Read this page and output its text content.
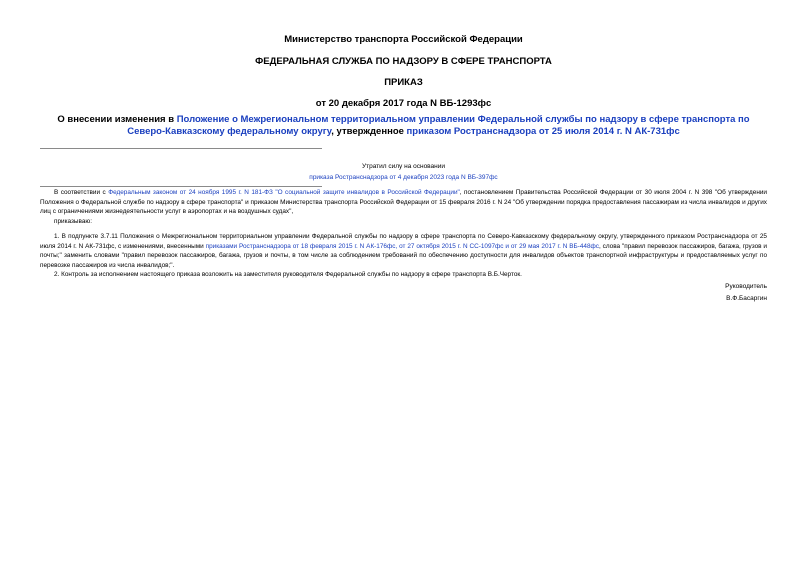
Министерство транспорта Российской Федерации
ФЕДЕРАЛЬНАЯ СЛУЖБА ПО НАДЗОРУ В СФЕРЕ ТРАНСПОРТА
ПРИКАЗ
от 20 декабря 2017 года N ВБ-1293фс
О внесении изменения в Положение о Межрегиональном территориальном управлении Федеральной службы по надзору в сфере транспорта по Северо-Кавказскому федеральному округу, утвержденное приказом Ространснадзора от 25 июля 2014 г. N АК-731фс
Утратил силу на основании
приказа Ространснадзора от 4 декабря 2023 года N ВБ-397фс
В соответствии с Федеральным законом от 24 ноября 1995 г. N 181-ФЗ "О социальной защите инвалидов в Российской Федерации", постановлением Правительства Российской Федерации от 30 июля 2004 г. N 398 "Об утверждении Положения о Федеральной службе по надзору в сфере транспорта" и приказом Министерства транспорта Российской Федерации от 15 февраля 2016 г. N 24 "Об утверждении порядка предоставления пассажирам из числа инвалидов и других лиц с ограничениями жизнедеятельности услуг в аэропортах и на воздушных судах",
приказываю:
1. В подпункте 3.7.11 Положения о Межрегиональном территориальном управлении Федеральной службы по надзору в сфере транспорта по Северо-Кавказскому федеральному округу, утвержденного приказом Ространснадзора от 25 июля 2014 г. N АК-731фс, с изменениями, внесенными приказами Ространснадзора от 18 февраля 2015 г. N АК-176фс, от 27 октября 2015 г. N СС-1097фс и от 29 мая 2017 г. N ВБ-448фс, слова "правил перевозок пассажиров, багажа, грузов и почты;" заменить словами "правил перевозок пассажиров, багажа, грузов и почты, в том числе за соблюдением требований по обеспечению доступности для инвалидов объектов транспортной инфраструктуры и предоставляемых услуг по перевозке пассажиров из числа инвалидов;".
2. Контроль за исполнением настоящего приказа возложить на заместителя руководителя Федеральной службы по надзору в сфере транспорта В.Б.Черток.
Руководитель
В.Ф.Басаргин
